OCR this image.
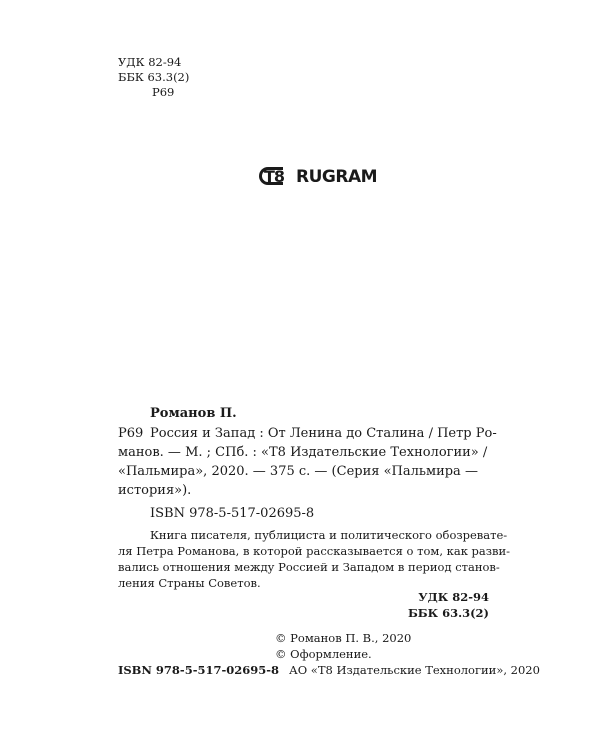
УДК 82-94
ББК 63.3(2)
Р69
T8 RUGRAM
Романов П.
Р69 Россия и Запад : От Ленина до Сталина / Петр Ро-
манов. — М. ; СПб. : «Т8 Издательские Технологии» /
«Пальмира», 2020. — 375 с. — (Серия «Пальмира —
история»).
ISBN 978-5-517-02695-8
Книга писателя, публициста и политического обозревате-
ля Петра Романова, в которой рассказывается о том, как разви-
вались отношения между Россией и Западом в период станов-
ления Страны Советов.
УДК 82-94
ББК 63.3(2)
© Романов П. В., 2020
© Оформление.
ISBN 978-5-517-02695-8 АО «Т8 Издательские Технологии», 2020
